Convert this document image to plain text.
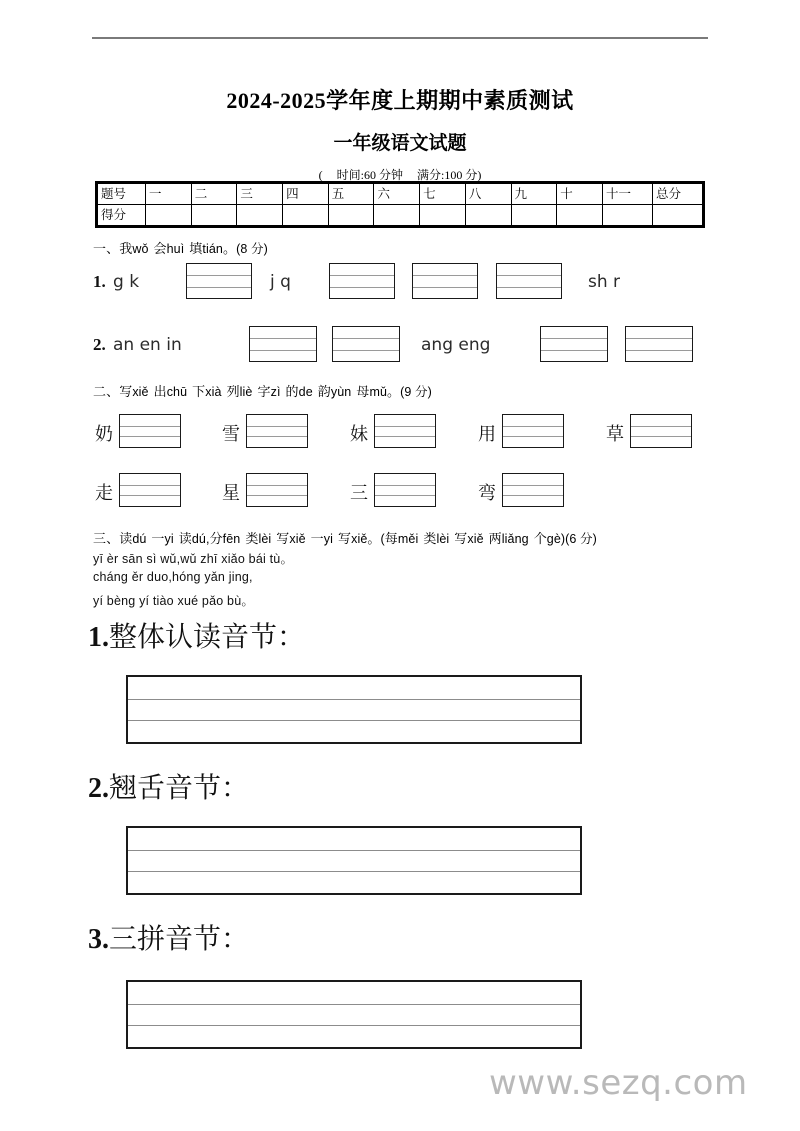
2024-2025学年度上期期中素质测试
一年级语文试题
( 时间:60 分钟 满分:100 分)
题号	一	二	三	四	五	六	七	八	九	十	十一	总分
得分												
一、我wǒ 会huì 填tián。(8 分)
1. g k	j q	sh r
2. an en in	ang eng
二、写xiě 出chū 下xià 列liè 字zì 的de 韵yùn 母mǔ。(9 分)
奶	雪	妹	用	草
走	星	三	弯
三、读dú 一yi 读dú,分fēn 类lèi 写xiě 一yi 写xiě。(每měi 类lèi 写xiě 两liǎng 个gè)(6 分)
yī èr sān sì wǔ,wǔ zhī xiǎo bái tù。
cháng ěr duo,hóng yǎn jing,
yí bèng yí tiào xué pǎo bù。
1.整体认读音节：
2.翘舌音节：
3.三拼音节：
www.sezq.com
